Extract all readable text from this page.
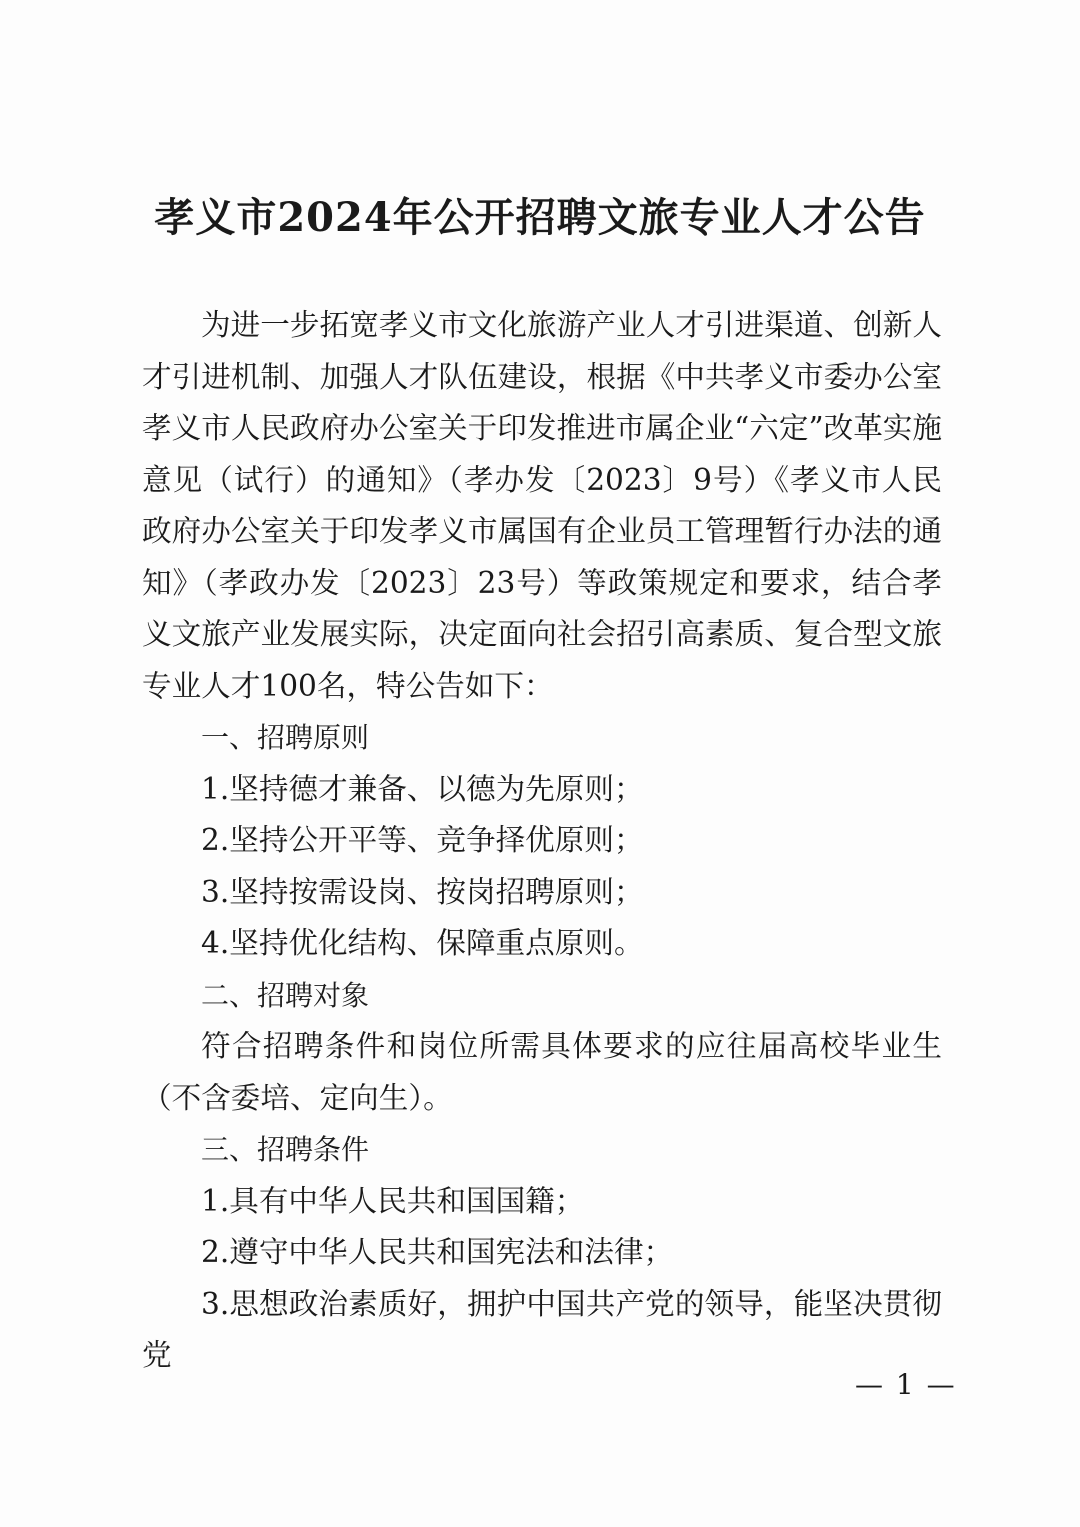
孝义市2024年公开招聘文旅专业人才公告

为进一步拓宽孝义市文化旅游产业人才引进渠道、创新人才引进机制、加强人才队伍建设，根据《中共孝义市委办公室孝义市人民政府办公室关于印发推进市属企业“六定”改革实施意见（试行）的通知》（孝办发〔2023〕9号）《孝义市人民政府办公室关于印发孝义市属国有企业员工管理暂行办法的通知》（孝政办发〔2023〕23号）等政策规定和要求，结合孝义文旅产业发展实际，决定面向社会招引高素质、复合型文旅专业人才100名，特公告如下：

一、招聘原则

1.坚持德才兼备、以德为先原则；

2.坚持公开平等、竞争择优原则；

3.坚持按需设岗、按岗招聘原则；

4.坚持优化结构、保障重点原则。

二、招聘对象

符合招聘条件和岗位所需具体要求的应往届高校毕业生（不含委培、定向生）。

三、招聘条件

1.具有中华人民共和国国籍；

2.遵守中华人民共和国宪法和法律；

3.思想政治素质好，拥护中国共产党的领导，能坚决贯彻党

— 1 —
